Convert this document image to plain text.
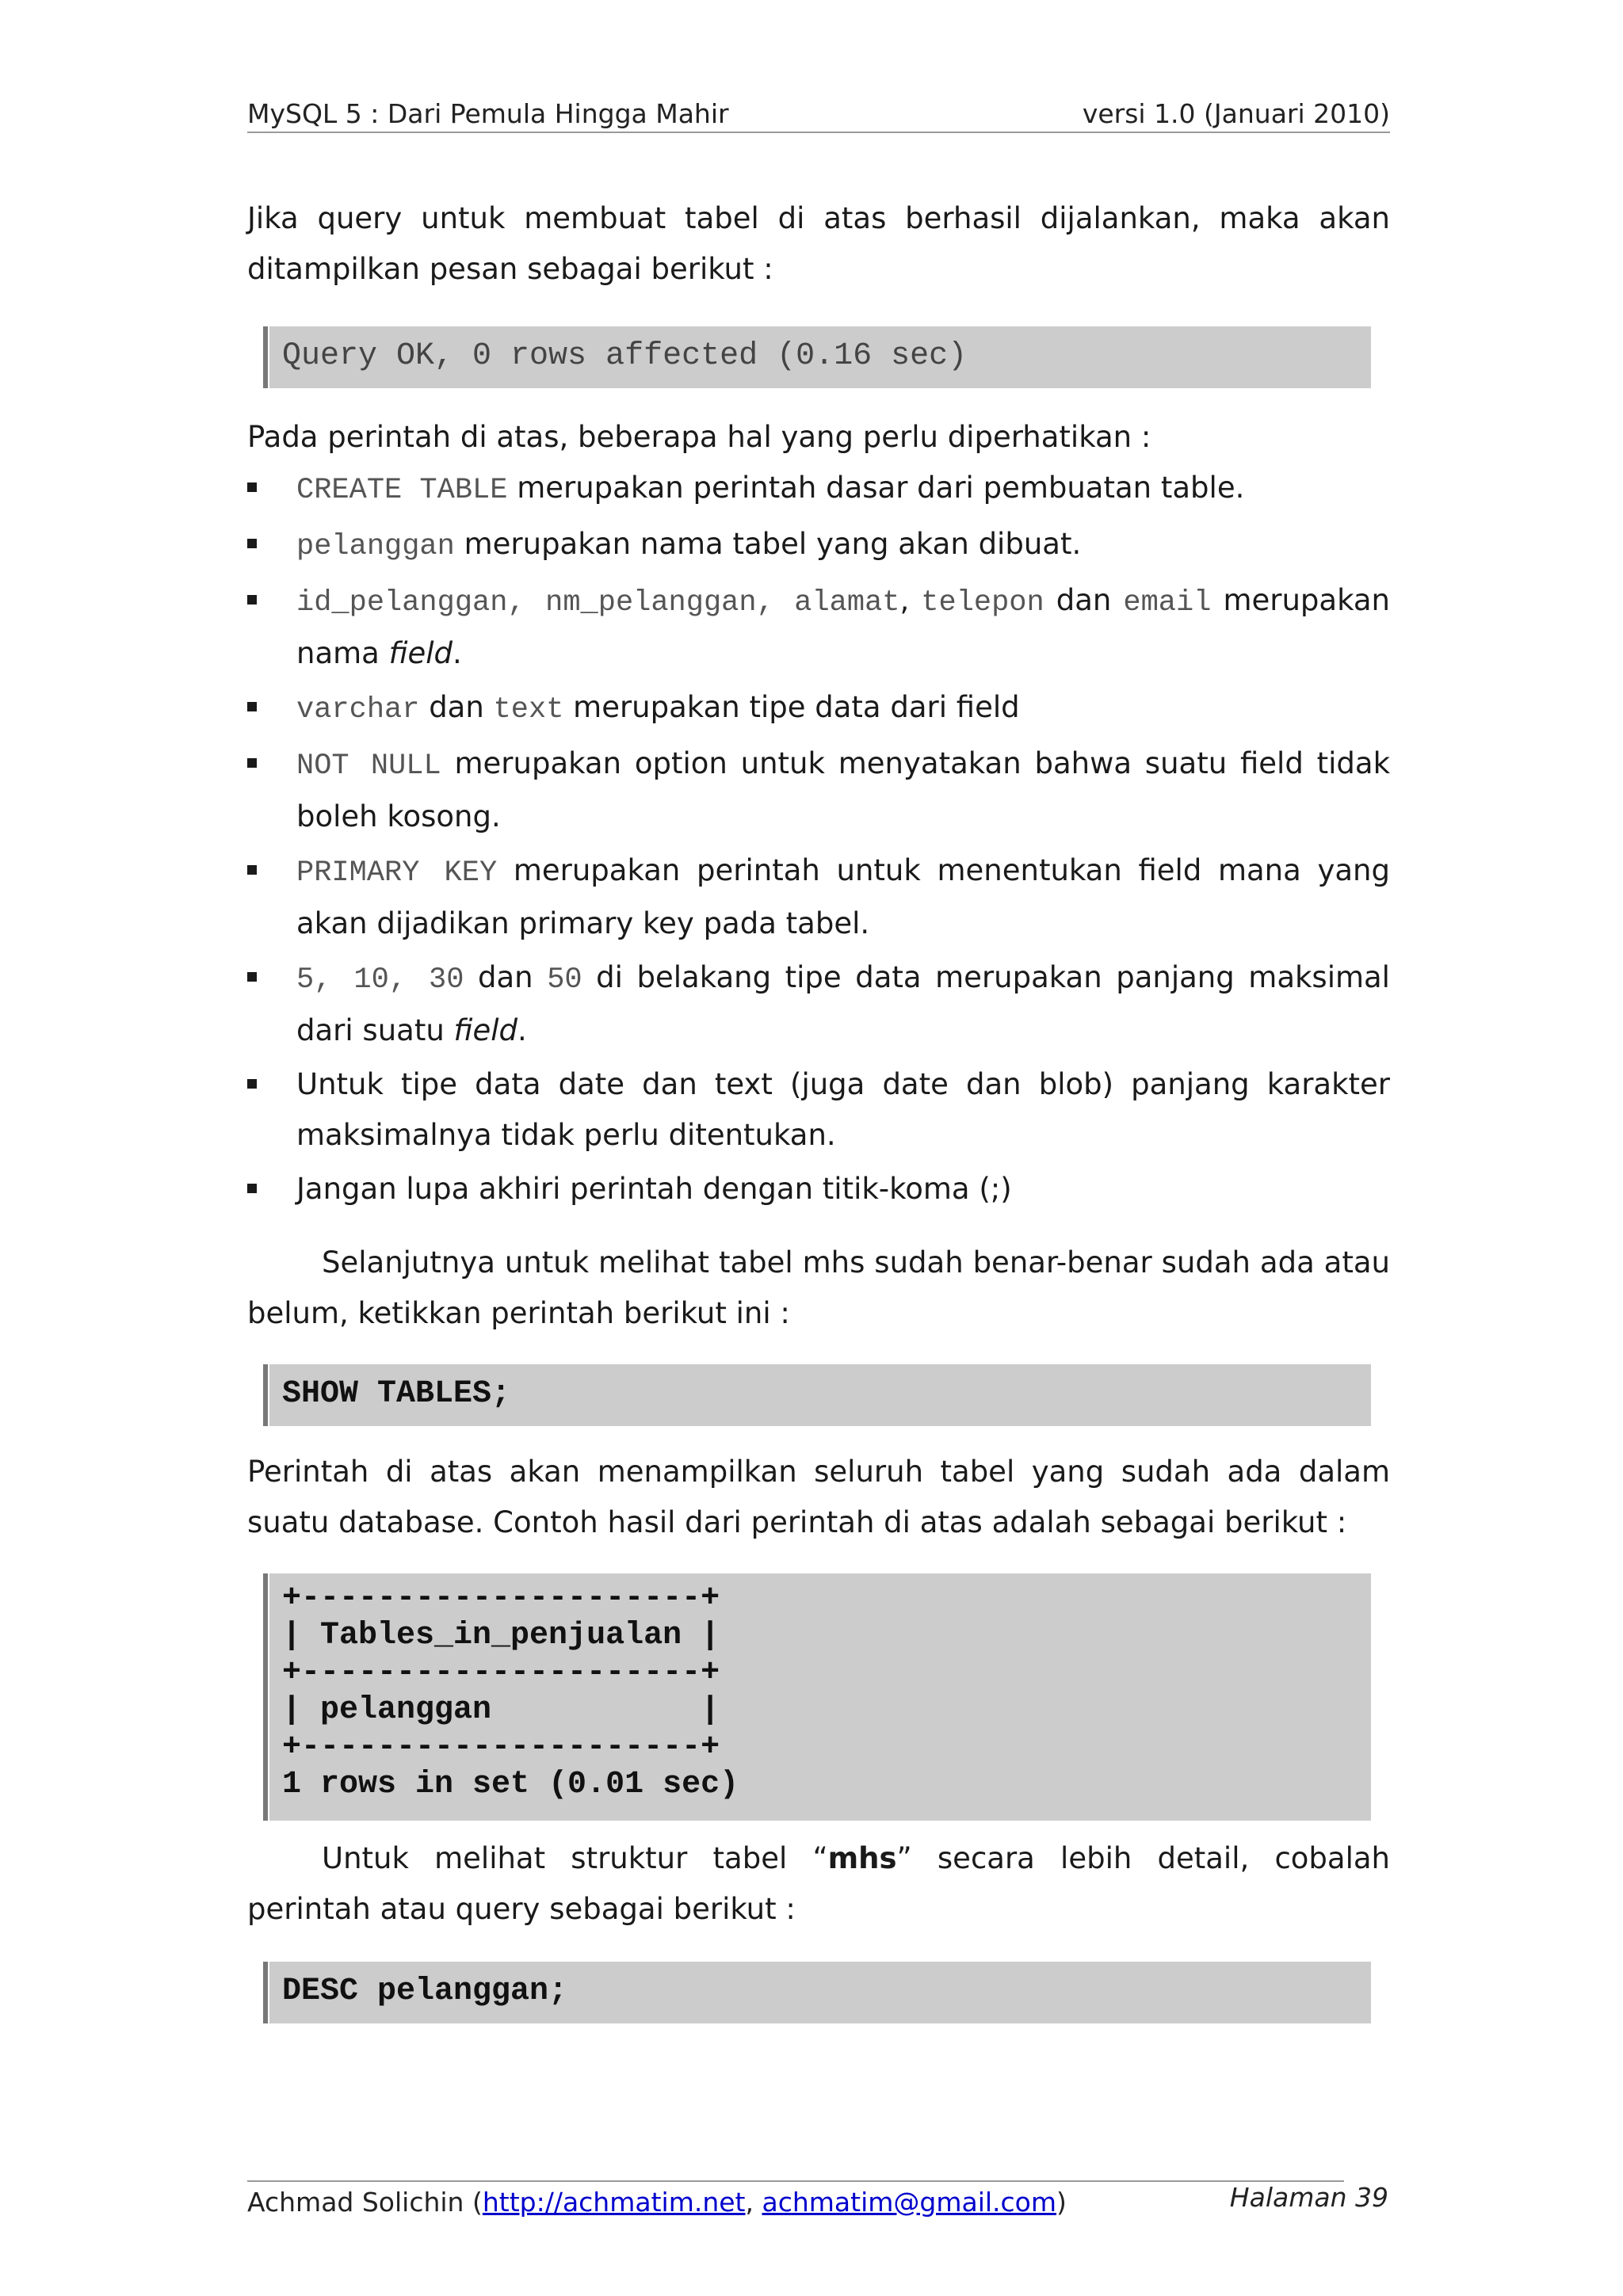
MySQL 5 : Dari Pemula Hingga Mahir	versi 1.0 (Januari 2010)
Jika query untuk membuat tabel di atas berhasil dijalankan, maka akan ditampilkan pesan sebagai berikut :
Query OK, 0 rows affected (0.16 sec)
Pada perintah di atas, beberapa hal yang perlu diperhatikan :
CREATE TABLE merupakan perintah dasar dari pembuatan table.
pelanggan merupakan nama tabel yang akan dibuat.
id_pelanggan, nm_pelanggan, alamat, telepon dan email merupakan nama field.
varchar dan text merupakan tipe data dari field
NOT NULL merupakan option untuk menyatakan bahwa suatu field tidak boleh kosong.
PRIMARY KEY merupakan perintah untuk menentukan field mana yang akan dijadikan primary key pada tabel.
5, 10, 30 dan 50 di belakang tipe data merupakan panjang maksimal dari suatu field.
Untuk tipe data date dan text (juga date dan blob) panjang karakter maksimalnya tidak perlu ditentukan.
Jangan lupa akhiri perintah dengan titik-koma (;)
Selanjutnya untuk melihat tabel mhs sudah benar-benar sudah ada atau belum, ketikkan perintah berikut ini :
SHOW TABLES;
Perintah di atas akan menampilkan seluruh tabel yang sudah ada dalam suatu database. Contoh hasil dari perintah di atas adalah sebagai berikut :
+---------------------+
| Tables_in_penjualan |
+---------------------+
| pelanggan           |
+---------------------+
1 rows in set (0.01 sec)
Untuk melihat struktur tabel “mhs” secara lebih detail, cobalah perintah atau query sebagai berikut :
DESC pelanggan;
Achmad Solichin (http://achmatim.net, achmatim@gmail.com)	Halaman 39
